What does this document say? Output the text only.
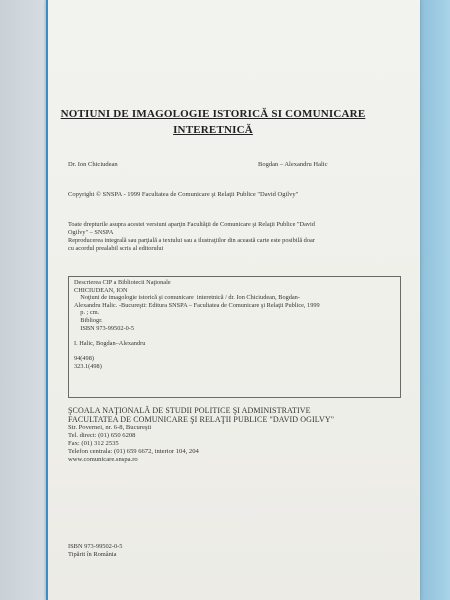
NOTIUNI DE IMAGOLOGIE ISTORICĂ SI COMUNICARE
INTERETNICĂ
Dr. Ion Chiciudean	Bogdan – Alexandru Halic
Copyright © SNSPA - 1999 Facultatea de Comunicare şi Relaţii Publice "David Ogilvy"
Toate drepturile asupra acestei versiuni aparţin Facultăţii de Comunicare şi Relaţii Publice "David
Ogilvy" – SNSPA
Reproducerea integrală sau parţială a textului sau a ilustraţiilor din această carte este posibilă doar
cu acordul prealabil scris al editorului
Descrierea CIP a Bibliotecii Naţionale
CHICIUDEAN, ION
Noţiuni de imagologie istorică şi comunicare  interetnică / dr. Ion Chiciudean, Bogdan-
Alexandru Halic. -Bucureşti: Editura SNSPA – Facultatea de Comunicare şi Relaţii Publice, 1999
p. ; cm.
Bibliogr.
ISBN 973-99502-0-5
I. Halic, Bogdan–Alexandru
94(498)
323.1(498)
ŞCOALA NAŢIONALĂ DE STUDII POLITICE ŞI ADMINISTRATIVE
FACULTATEA DE COMUNICARE ŞI RELAŢII PUBLICE "DAVID OGILVY"
Str. Povernei, nr. 6-8, Bucureşti
Tel. direct: (01) 650 6208
Fax: (01) 312 2535
Telefon centrala: (01) 659 6672, interior 104, 204
www.comunicare.snspa.ro
ISBN 973-99502-0-5
Tipărit în România
